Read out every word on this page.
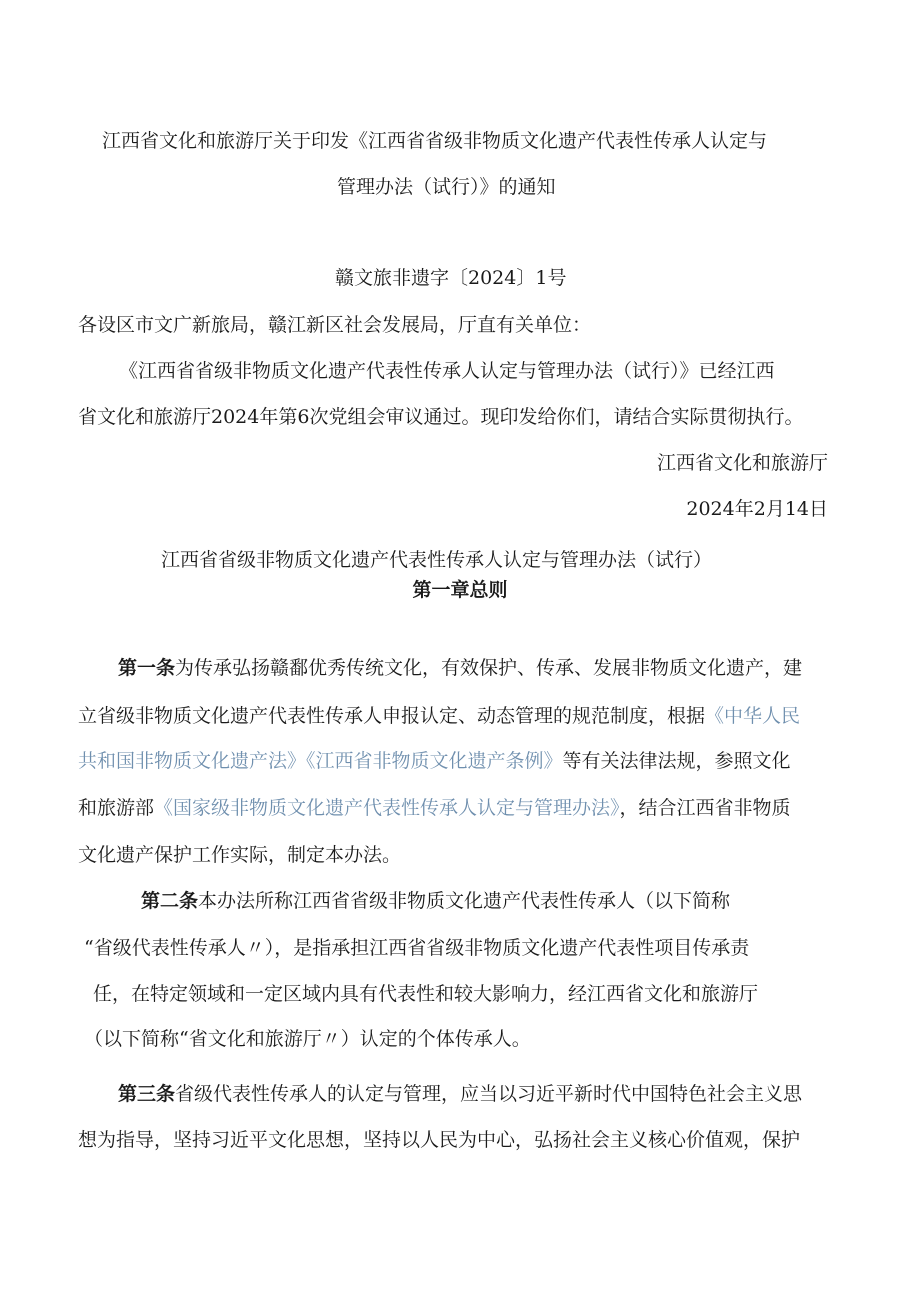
江西省文化和旅游厅关于印发《江西省省级非物质文化遗产代表性传承人认定与
管理办法（试行）》的通知
赣文旅非遗字〔2024〕1号
各设区市文广新旅局，赣江新区社会发展局，厅直有关单位：
《江西省省级非物质文化遗产代表性传承人认定与管理办法（试行）》已经江西
省文化和旅游厅2024年第6次党组会审议通过。现印发给你们，请结合实际贯彻执行。
江西省文化和旅游厅
2024年2月14日
江西省省级非物质文化遗产代表性传承人认定与管理办法（试行）
第一章总则
第一条为传承弘扬赣鄱优秀传统文化，有效保护、传承、发展非物质文化遗产，建
立省级非物质文化遗产代表性传承人申报认定、动态管理的规范制度，根据《中华人民
共和国非物质文化遗产法》《江西省非物质文化遗产条例》等有关法律法规，参照文化
和旅游部《国家级非物质文化遗产代表性传承人认定与管理办法》，结合江西省非物质
文化遗产保护工作实际，制定本办法。
第二条本办法所称江西省省级非物质文化遗产代表性传承人（以下简称
“省级代表性传承人〃），是指承担江西省省级非物质文化遗产代表性项目传承责
任，在特定领域和一定区域内具有代表性和较大影响力，经江西省文化和旅游厅
（以下简称“省文化和旅游厅〃）认定的个体传承人。
第三条省级代表性传承人的认定与管理，应当以习近平新时代中国特色社会主义思
想为指导，坚持习近平文化思想，坚持以人民为中心，弘扬社会主义核心价值观，保护
